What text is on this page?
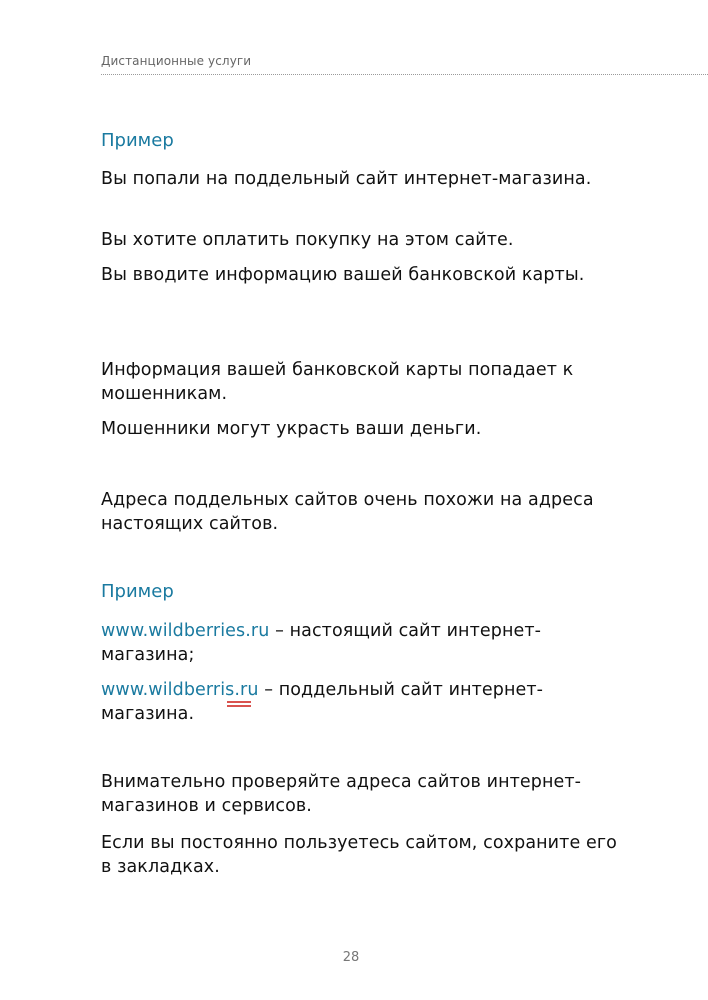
Дистанционные услуги
Пример

Вы попали на поддельный сайт интернет-магазина.

Вы хотите оплатить покупку на этом сайте.

Вы вводите информацию вашей банковской карты.

Информация вашей банковской карты попадает к мошенникам.

Мошенники могут украсть ваши деньги.

Адреса поддельных сайтов очень похожи на адреса настоящих сайтов.

Пример

www.wildberries.ru – настоящий сайт интернет-магазина;

www.wildberris.ru – поддельный сайт интернет-магазина.

Внимательно проверяйте адреса сайтов интернет-магазинов и сервисов.

Если вы постоянно пользуетесь сайтом, сохраните его в закладках.

28
